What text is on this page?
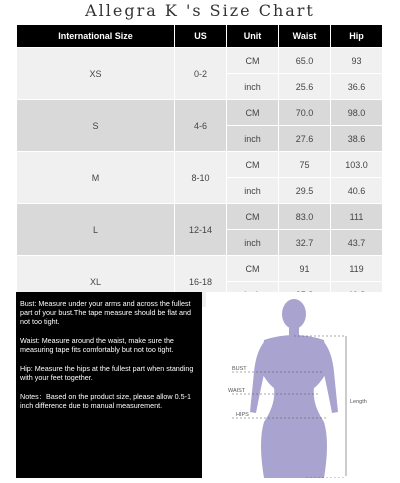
Allegra K 's Size Chart
International Size	US	Unit	Waist	Hip
XS	0-2	CM	65.0	93
		inch	25.6	36.6
S	4-6	CM	70.0	98.0
		inch	27.6	38.6
M	8-10	CM	75	103.0
		inch	29.5	40.6
L	12-14	CM	83.0	111
		inch	32.7	43.7
XL	16-18	CM	91	119

Bust: Measure under your arms and across the fullest part of your bust.The tape measure should be flat and not too tight.

Waist: Measure around the waist, make sure the measuring tape fits comfortably but not too tight.

Hip: Measure the hips at the fullest part when standing with your feet together.

Notes：Based on the product size, please allow 0.5-1 inch difference due to manual measurement.

BUST
WAIST
HIPS
Length
